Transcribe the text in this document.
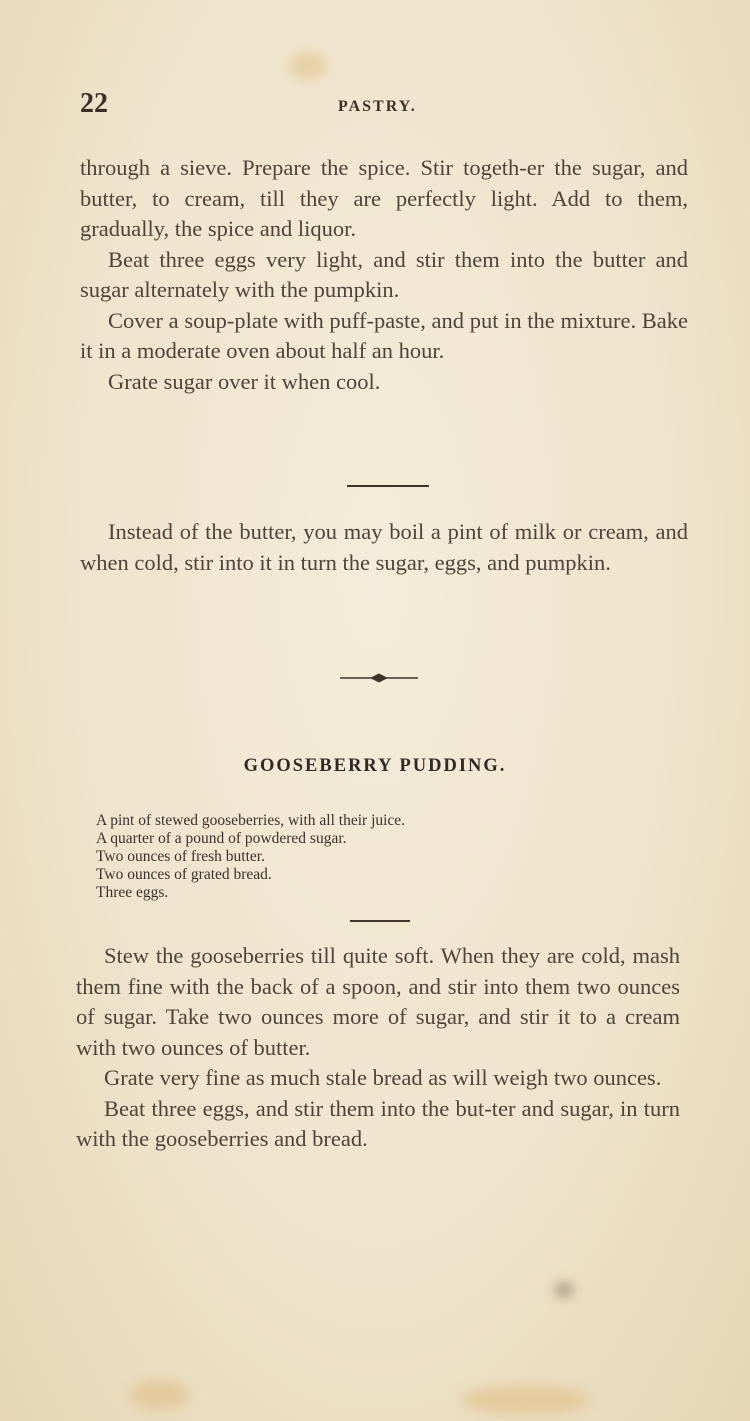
22	PASTRY.

through a sieve. Prepare the spice. Stir togeth-er the sugar, and butter, to cream, till they are perfectly light. Add to them, gradually, the spice and liquor.

Beat three eggs very light, and stir them into the butter and sugar alternately with the pumpkin.

Cover a soup-plate with puff-paste, and put in the mixture. Bake it in a moderate oven about half an hour.

Grate sugar over it when cool.

Instead of the butter, you may boil a pint of milk or cream, and when cold, stir into it in turn the sugar, eggs, and pumpkin.

GOOSEBERRY PUDDING.
A pint of stewed gooseberries, with all their juice.
A quarter of a pound of powdered sugar.
Two ounces of fresh butter.
Two ounces of grated bread.
Three eggs.

Stew the gooseberries till quite soft. When they are cold, mash them fine with the back of a spoon, and stir into them two ounces of sugar. Take two ounces more of sugar, and stir it to a cream with two ounces of butter.

Grate very fine as much stale bread as will weigh two ounces.

Beat three eggs, and stir them into the but-ter and sugar, in turn with the gooseberries and bread.
